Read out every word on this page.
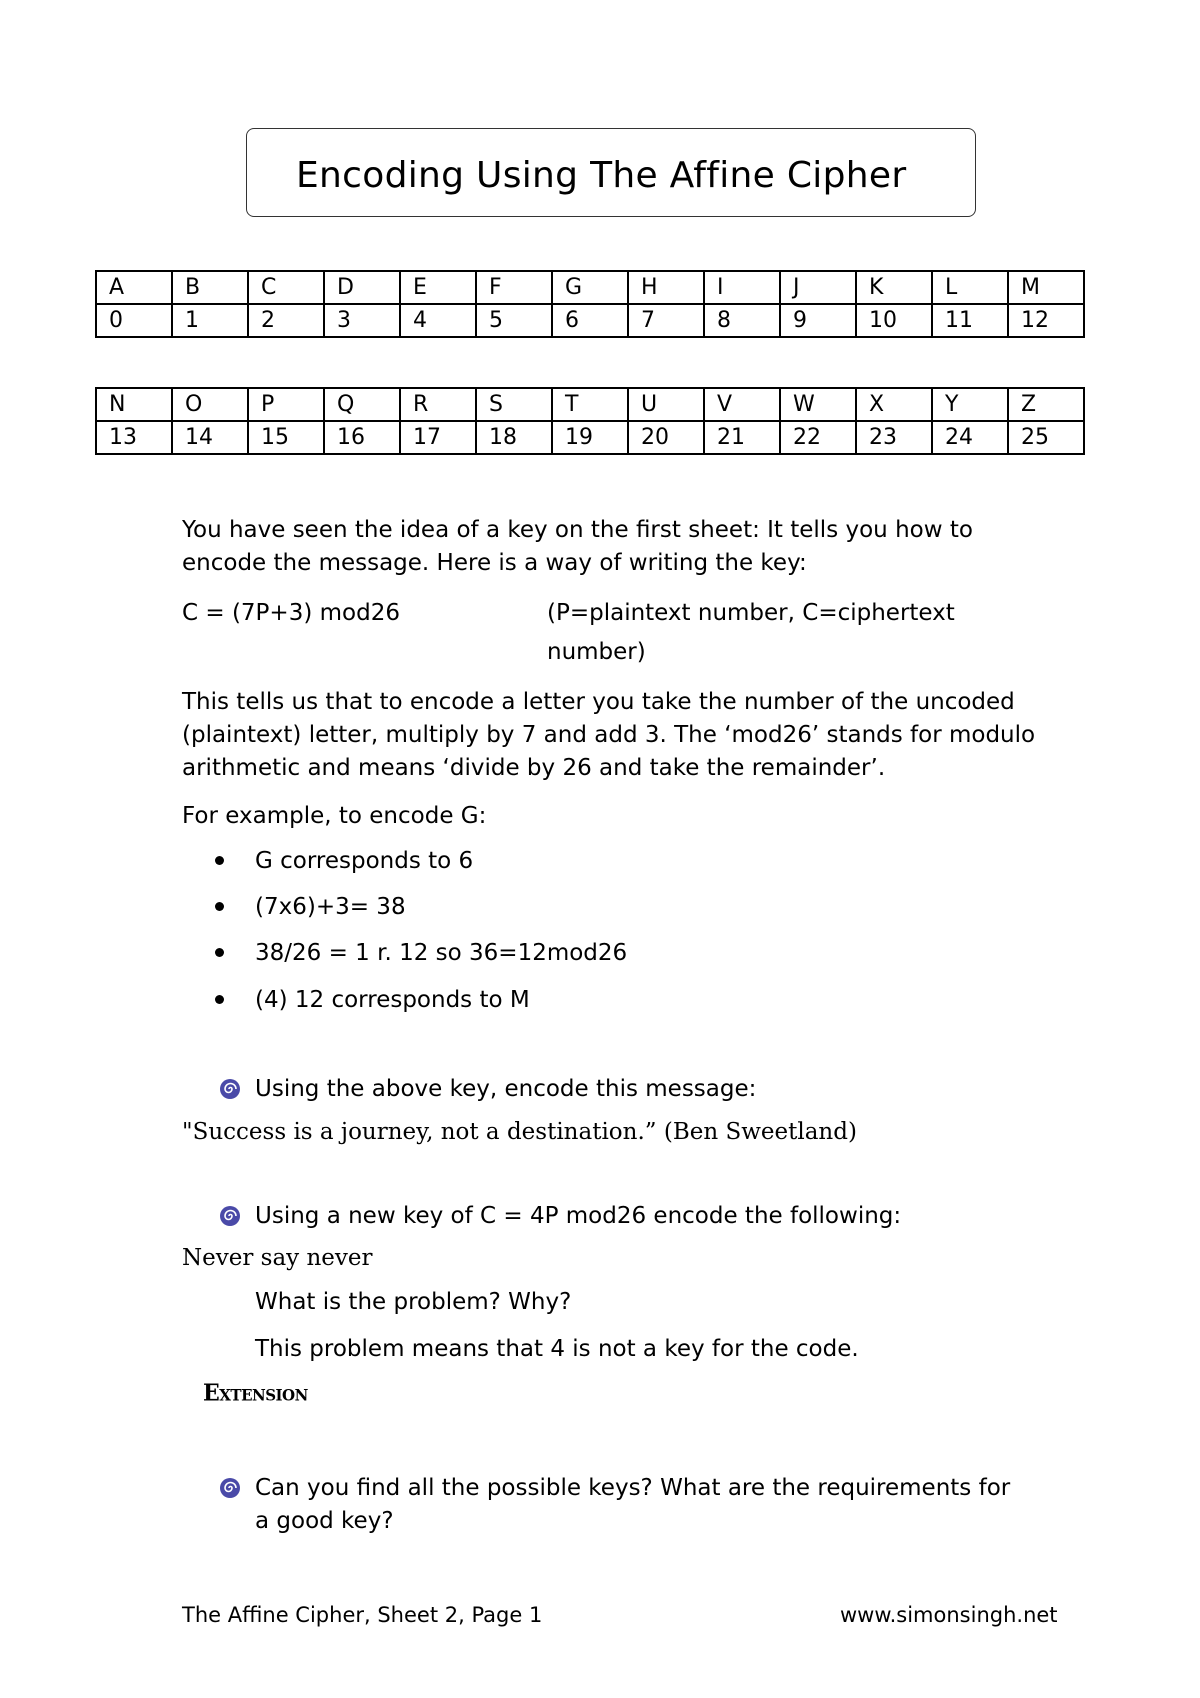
Encoding Using The Affine Cipher
A	B	C	D	E	F	G	H	I	J	K	L	M
0	1	2	3	4	5	6	7	8	9	10	11	12
N	O	P	Q	R	S	T	U	V	W	X	Y	Z
13	14	15	16	17	18	19	20	21	22	23	24	25
You have seen the idea of a key on the first sheet: It tells you how to
encode the message. Here is a way of writing the key:
C = (7P+3) mod26	(P=plaintext number, C=ciphertext
number)
This tells us that to encode a letter you take the number of the uncoded
(plaintext) letter, multiply by 7 and add 3. The ‘mod26’ stands for modulo
arithmetic and means ‘divide by 26 and take the remainder’.
For example, to encode G:
G corresponds to 6
(7x6)+3= 38
38/26 = 1 r. 12 so 36=12mod26
(4) 12 corresponds to M
Using the above key, encode this message:
"Success is a journey, not a destination.” (Ben Sweetland)
Using a new key of C = 4P mod26 encode the following:
Never say never
What is the problem? Why?
This problem means that 4 is not a key for the code.
Extension
Can you find all the possible keys? What are the requirements for
a good key?
The Affine Cipher, Sheet 2, Page 1	www.simonsingh.net
